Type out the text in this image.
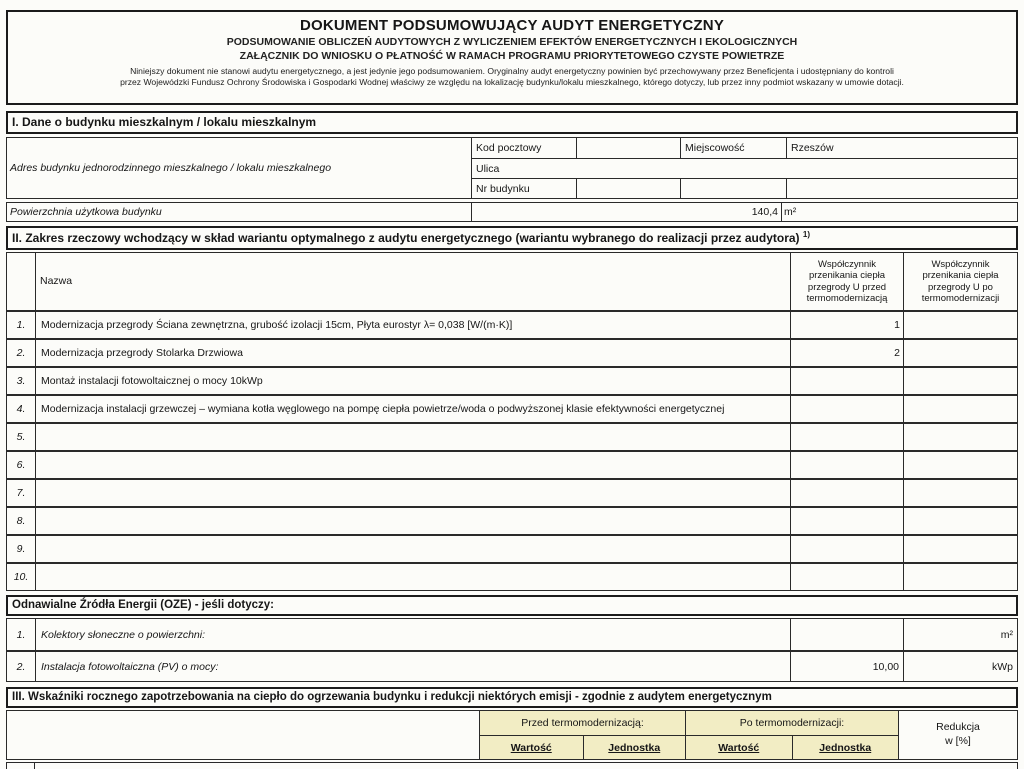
DOKUMENT PODSUMOWUJĄCY AUDYT ENERGETYCZNY
PODSUMOWANIE OBLICZEŃ AUDYTOWYCH Z WYLICZENIEM EFEKTÓW ENERGETYCZNYCH I EKOLOGICZNYCH
ZAŁĄCZNIK DO WNIOSKU O PŁATNOŚĆ W RAMACH PROGRAMU PRIORYTETOWEGO CZYSTE POWIETRZE
Niniejszy dokument nie stanowi audytu energetycznego, a jest jedynie jego podsumowaniem. Oryginalny audyt energetyczny powinien być przechowywany przez Beneficjenta i udostępniany do kontroli
przez Wojewódzki Fundusz Ochrony Środowiska i Gospodarki Wodnej właściwy ze względu na lokalizację budynku/lokalu mieszkalnego, którego dotyczy, lub przez inny podmiot wskazany w umowie dotacji.
I. Dane o budynku mieszkalnym / lokalu mieszkalnym
Adres budynku jednorodzinnego mieszkalnego / lokalu mieszkalnego
Kod pocztowy	Miejscowość	Rzeszów
Ulica
Nr budynku
Powierzchnia użytkowa budynku	140,4 m²
II. Zakres rzeczowy wchodzący w skład wariantu optymalnego z audytu energetycznego (wariantu wybranego do realizacji przez audytora) $^{1)}$
Nazwa
Współczynnik przenikania ciepła przegrody U przed termomodernizacją
Współczynnik przenikania ciepła przegrody U po termomodernizacji
1.	Modernizacja przegrody Ściana zewnętrzna, grubość izolacji 15cm, Płyta eurostyr λ= 0,038 [W/(m·K)]	1
2.	Modernizacja przegrody Stolarka Drzwiowa	2
3.	Montaż instalacji fotowoltaicznej o mocy 10kWp
4.	Modernizacja instalacji grzewczej – wymiana kotła węglowego na pompę ciepła powietrze/woda o podwyższonej klasie efektywności energetycznej
5.
6.
7.
8.
9.
10.
Odnawialne Źródła Energii (OZE) - jeśli dotyczy:
1.	Kolektory słoneczne o powierzchni:	m²
2.	Instalacja fotowoltaiczna (PV) o mocy:	10,00	kWp
III. Wskaźniki rocznego zapotrzebowania na ciepło do ogrzewania budynku i redukcji niektórych emisji - zgodnie z audytem energetycznym
Przed termomodernizacją:	Po termomodernizacji:
Wartość	Jednostka	Wartość	Jednostka
Redukcja
w [%]
